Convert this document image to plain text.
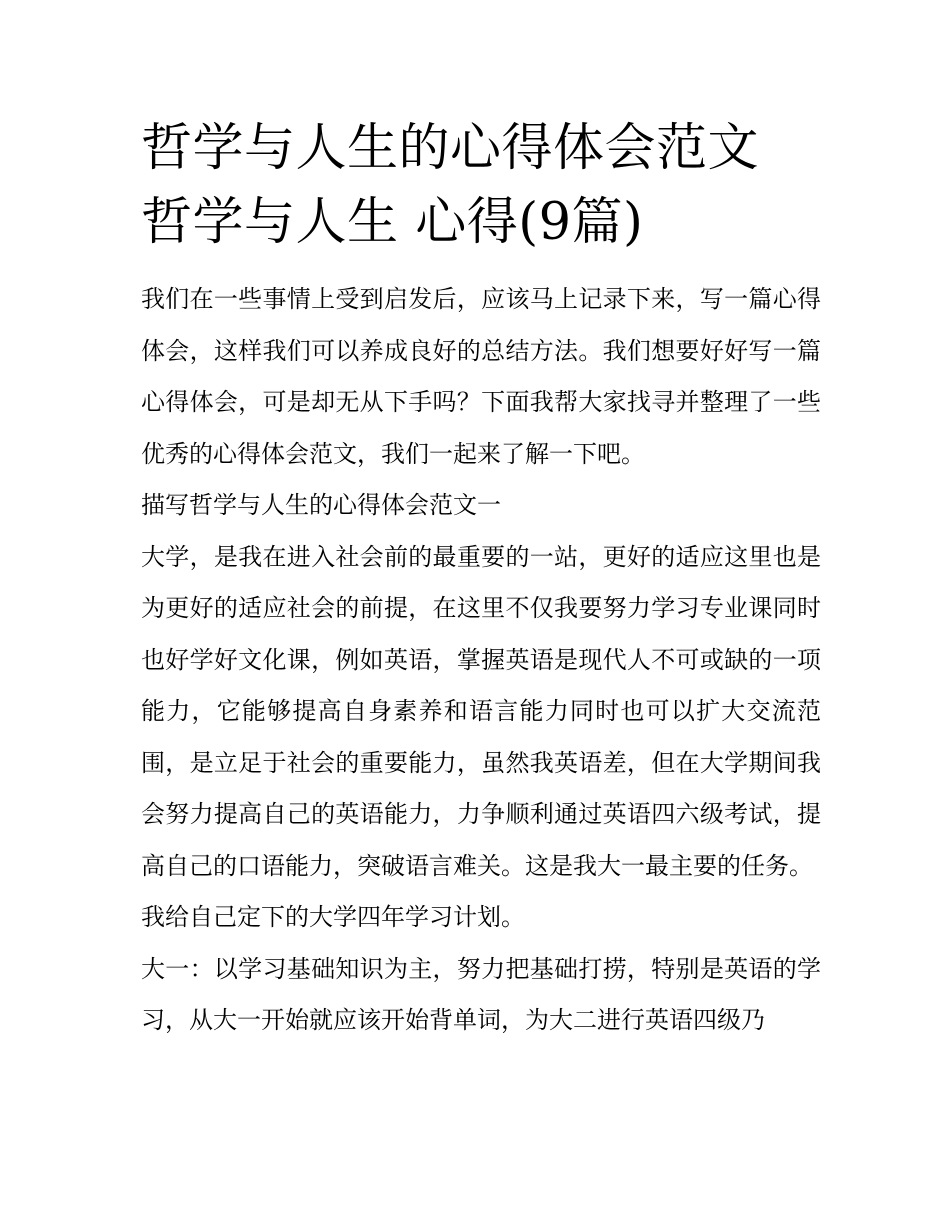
哲学与人生的心得体会范文 哲学与人生 心得(9篇)

我们在一些事情上受到启发后，应该马上记录下来，写一篇心得体会，这样我们可以养成良好的总结方法。我们想要好好写一篇心得体会，可是却无从下手吗？下面我帮大家找寻并整理了一些优秀的心得体会范文，我们一起来了解一下吧。

描写哲学与人生的心得体会范文一

大学，是我在进入社会前的最重要的一站，更好的适应这里也是为更好的适应社会的前提，在这里不仅我要努力学习专业课同时也好学好文化课，例如英语，掌握英语是现代人不可或缺的一项能力，它能够提高自身素养和语言能力同时也可以扩大交流范围，是立足于社会的重要能力，虽然我英语差，但在大学期间我会努力提高自己的英语能力，力争顺利通过英语四六级考试，提高自己的口语能力，突破语言难关。这是我大一最主要的任务。

我给自己定下的大学四年学习计划。

大一：以学习基础知识为主，努力把基础打捞，特别是英语的学习，从大一开始就应该开始背单词，为大二进行英语四级乃
